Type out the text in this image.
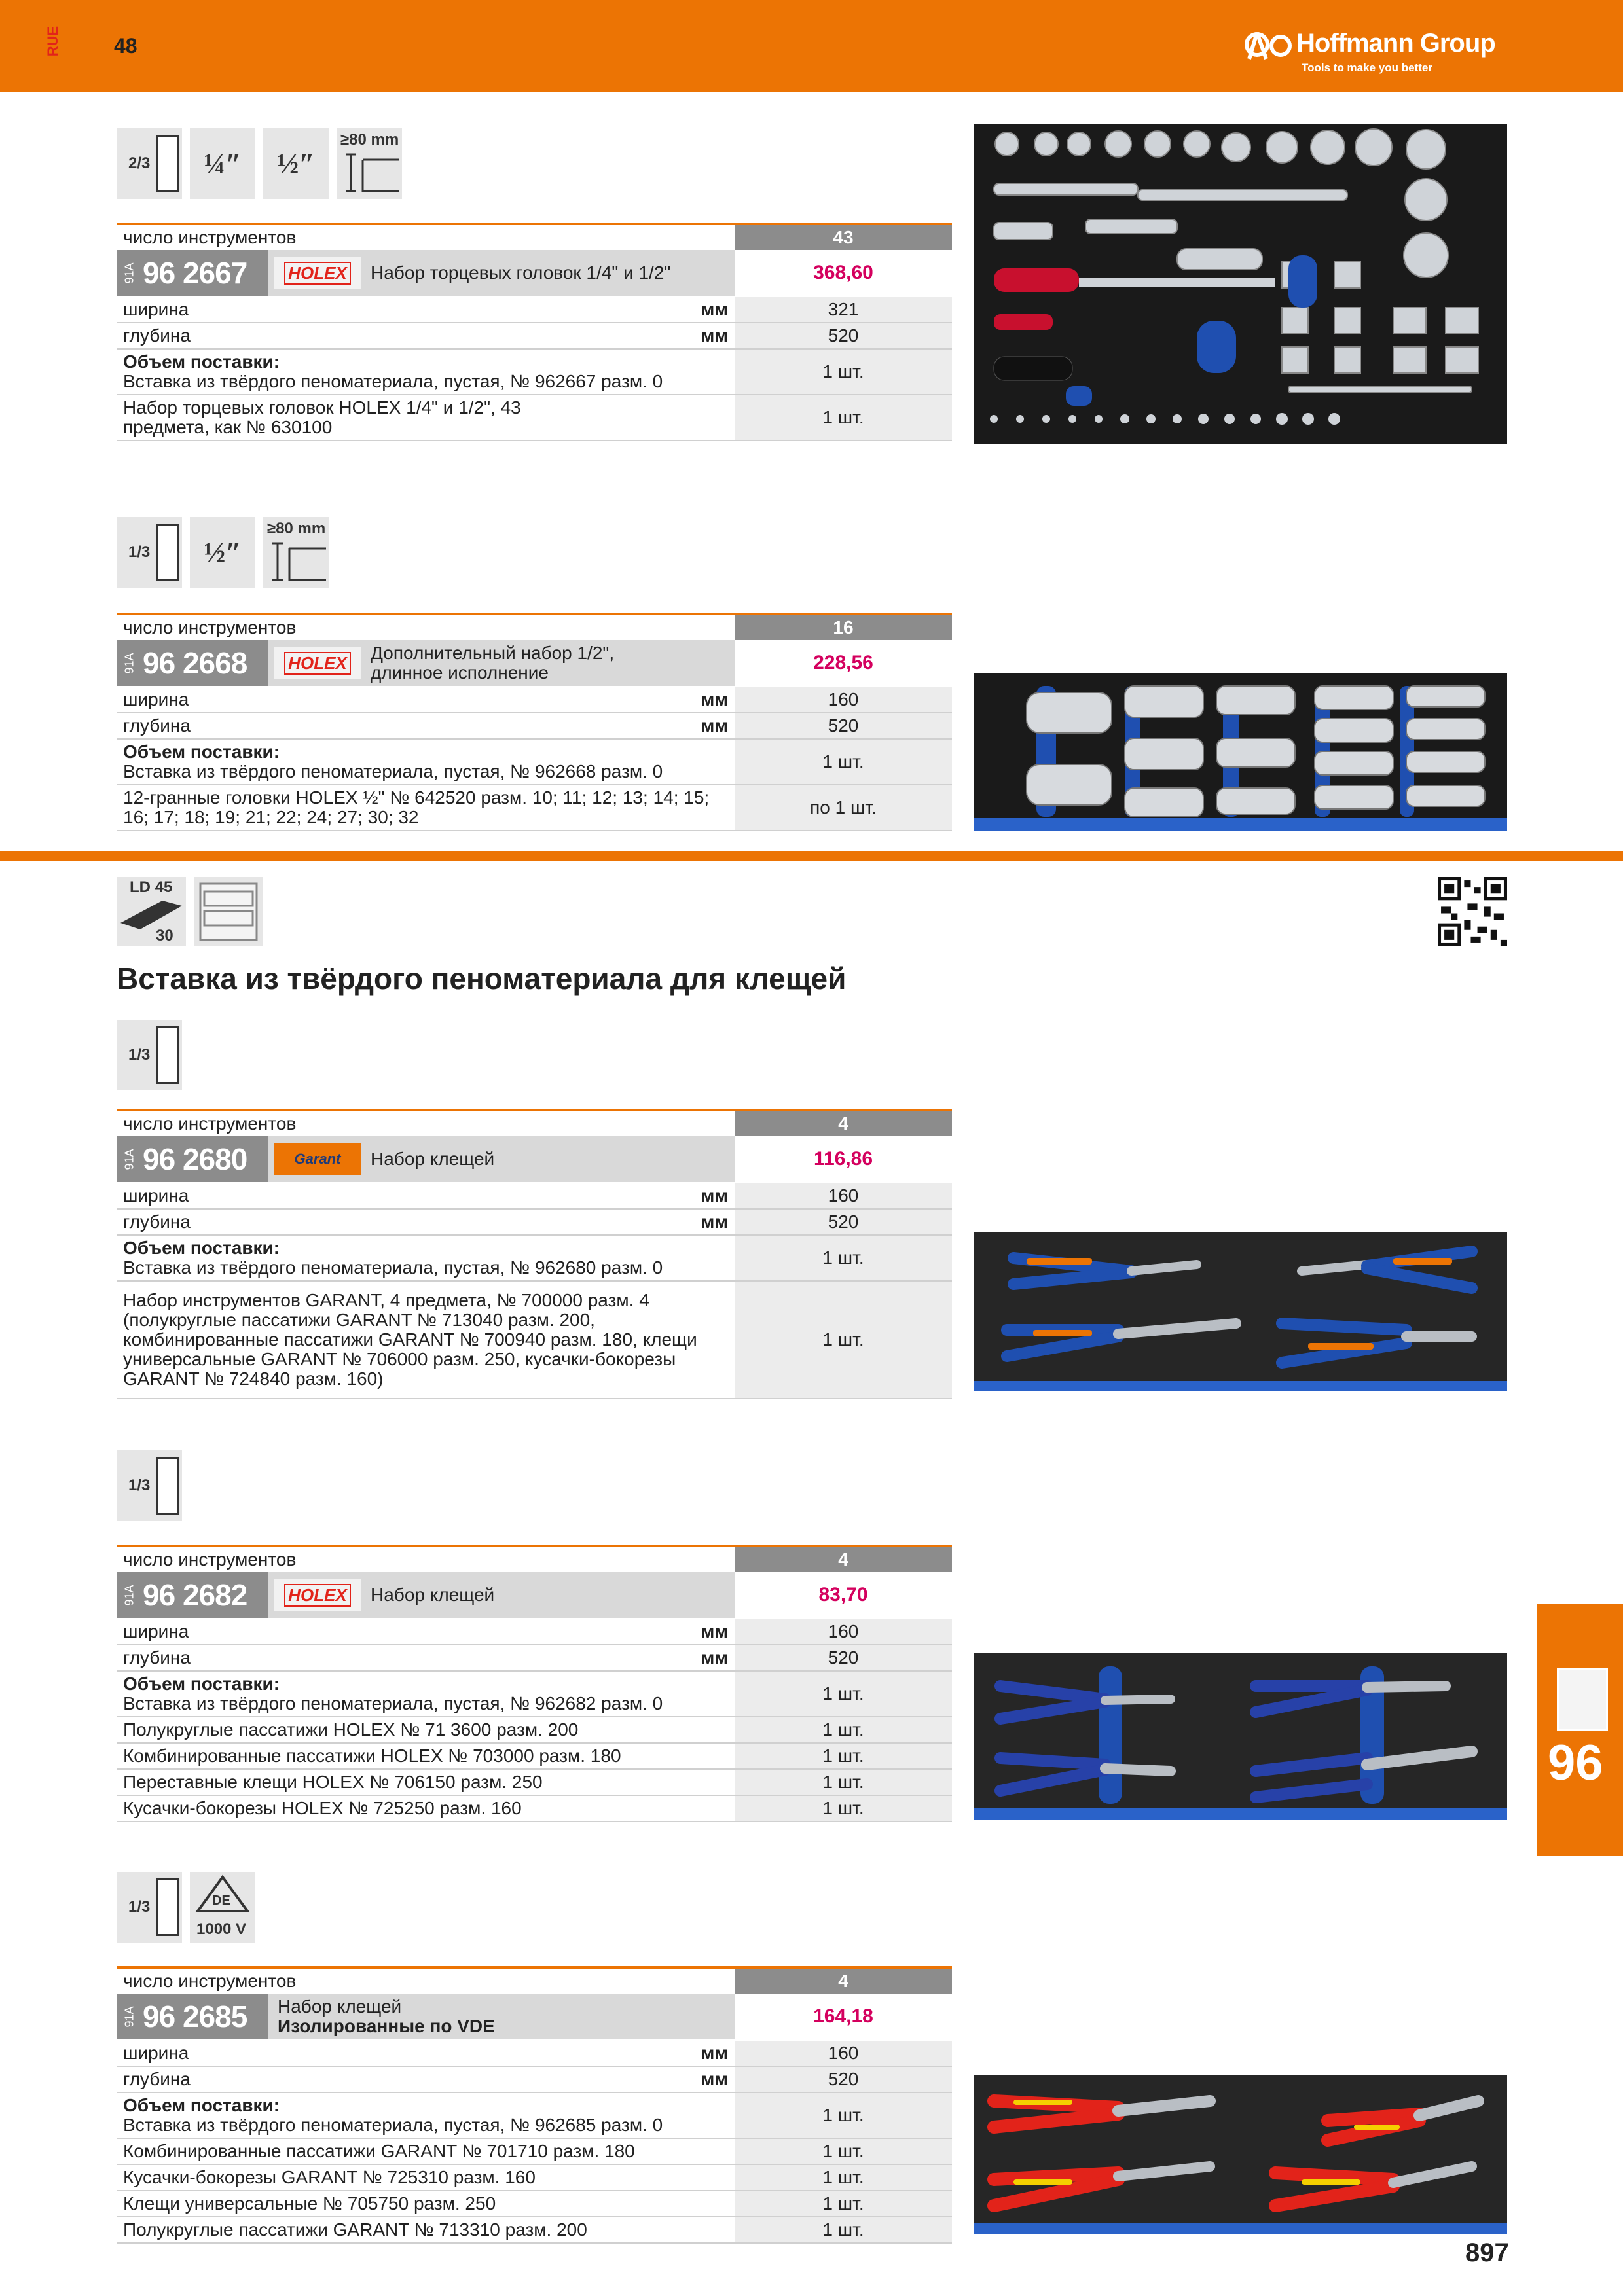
RUE	48	Hoffmann Group
Tools to make you better
2/3	¼″	½″
≥80 mm
число инструментов	43
91A 96 2667 HOLEX Набор торцевых головок 1/4" и 1/2"	368,60
ширина	мм	321
глубина	мм	520
Объем поставки:
Вставка из твёрдого пеноматериала, пустая, № 962667 разм. 0	1 шт.
Набор торцевых головок HOLEX 1/4" и 1/2", 43 предмета, как № 630100	1 шт.
1/3	½″
≥80 mm
число инструментов	16
91A 96 2668 HOLEX Дополнительный набор 1/2",
длинное исполнение	228,56
ширина	мм	160
глубина	мм	520
Объем поставки:
Вставка из твёрдого пеноматериала, пустая, № 962668 разм. 0	1 шт.
12-гранные головки HOLEX ½" № 642520 разм. 10; 11; 12; 13; 14; 15; 16; 17; 18; 19; 21; 22; 24; 27; 30; 32	по 1 шт.
LD 45
30
Вставка из твёрдого пеноматериала для клещей
1/3
число инструментов	4
91A 96 2680	Garant Набор клещей	116,86
ширина	мм	160
глубина	мм	520
Объем поставки:
Вставка из твёрдого пеноматериала, пустая, № 962680 разм. 0	1 шт.
Набор инструментов GARANT, 4 предмета, № 700000 разм. 4 (полукруглые пассатижи GARANT № 713040 разм. 200, комбинированные пассатижи GARANT № 700940 разм. 180, клещи универсальные GARANT № 706000 разм. 250, кусачки-бокорезы GARANT № 724840 разм. 160)
1 шт.
1/3
число инструментов	4
91A 96 2682 HOLEX Набор клещей	83,70
ширина	мм	160
глубина	мм	520
Объем поставки:
Вставка из твёрдого пеноматериала, пустая, № 962682 разм. 0	1 шт.
Полукруглые пассатижи HOLEX № 71 3600 разм. 200	1 шт.
Комбинированные пассатижи HOLEX № 703000 разм. 180	1 шт.
Переставные клещи HOLEX № 706150 разм. 250	1 шт.
Кусачки-бокорезы HOLEX № 725250 разм. 160	1 шт.
96
1/3	DE
1000 V
число инструментов	4
91A 96 2685 Набор клещей
Изолированные по VDE	164,18
ширина	мм	160
глубина	мм	520
Объем поставки:
Вставка из твёрдого пеноматериала, пустая, № 962685 разм. 0	1 шт.
Комбинированные пассатижи GARANT № 701710 разм. 180	1 шт.
Кусачки-бокорезы GARANT № 725310 разм. 160	1 шт.
Клещи универсальные № 705750 разм. 250	1 шт.
Полукруглые пассатижи GARANT № 713310 разм. 200	1 шт.
897
